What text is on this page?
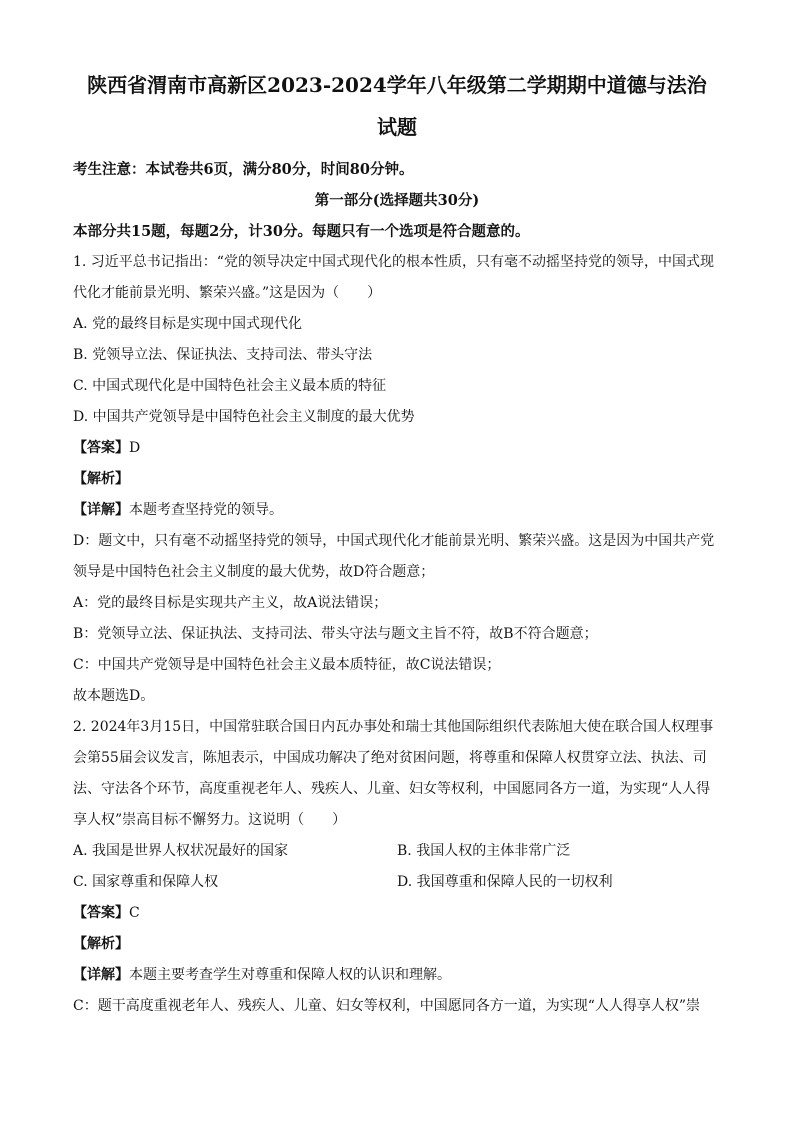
陕西省渭南市高新区2023-2024学年八年级第二学期期中道德与法治
试题
考生注意：本试卷共6页，满分80分，时间80分钟。
第一部分(选择题共30分)
本部分共15题，每题2分，计30分。每题只有一个选项是符合题意的。

1. 习近平总书记指出：“党的领导决定中国式现代化的根本性质，只有毫不动摇坚持党的领导，中国式现

代化才能前景光明、繁荣兴盛。”这是因为（　　）

A. 党的最终目标是实现中国式现代化

B. 党领导立法、保证执法、支持司法、带头守法

C. 中国式现代化是中国特色社会主义最本质的特征

D. 中国共产党领导是中国特色社会主义制度的最大优势

【答案】D

【解析】

【详解】本题考查坚持党的领导。

D：题文中，只有毫不动摇坚持党的领导，中国式现代化才能前景光明、繁荣兴盛。这是因为中国共产党

领导是中国特色社会主义制度的最大优势，故D符合题意；

A：党的最终目标是实现共产主义，故A说法错误；

B：党领导立法、保证执法、支持司法、带头守法与题文主旨不符，故B不符合题意；

C：中国共产党领导是中国特色社会主义最本质特征，故C说法错误；

故本题选D。

2. 2024年3月15日，中国常驻联合国日内瓦办事处和瑞士其他国际组织代表陈旭大使在联合国人权理事

会第55届会议发言，陈旭表示，中国成功解决了绝对贫困问题，将尊重和保障人权贯穿立法、执法、司

法、守法各个环节，高度重视老年人、残疾人、儿童、妇女等权利，中国愿同各方一道，为实现“人人得

享人权”崇高目标不懈努力。这说明（　　）

A. 我国是世界人权状况最好的国家	B. 我国人权的主体非常广泛
C. 国家尊重和保障人权	D. 我国尊重和保障人民的一切权利

【答案】C

【解析】

【详解】本题主要考查学生对尊重和保障人权的认识和理解。

C：题干高度重视老年人、残疾人、儿童、妇女等权利，中国愿同各方一道，为实现“人人得享人权”崇
